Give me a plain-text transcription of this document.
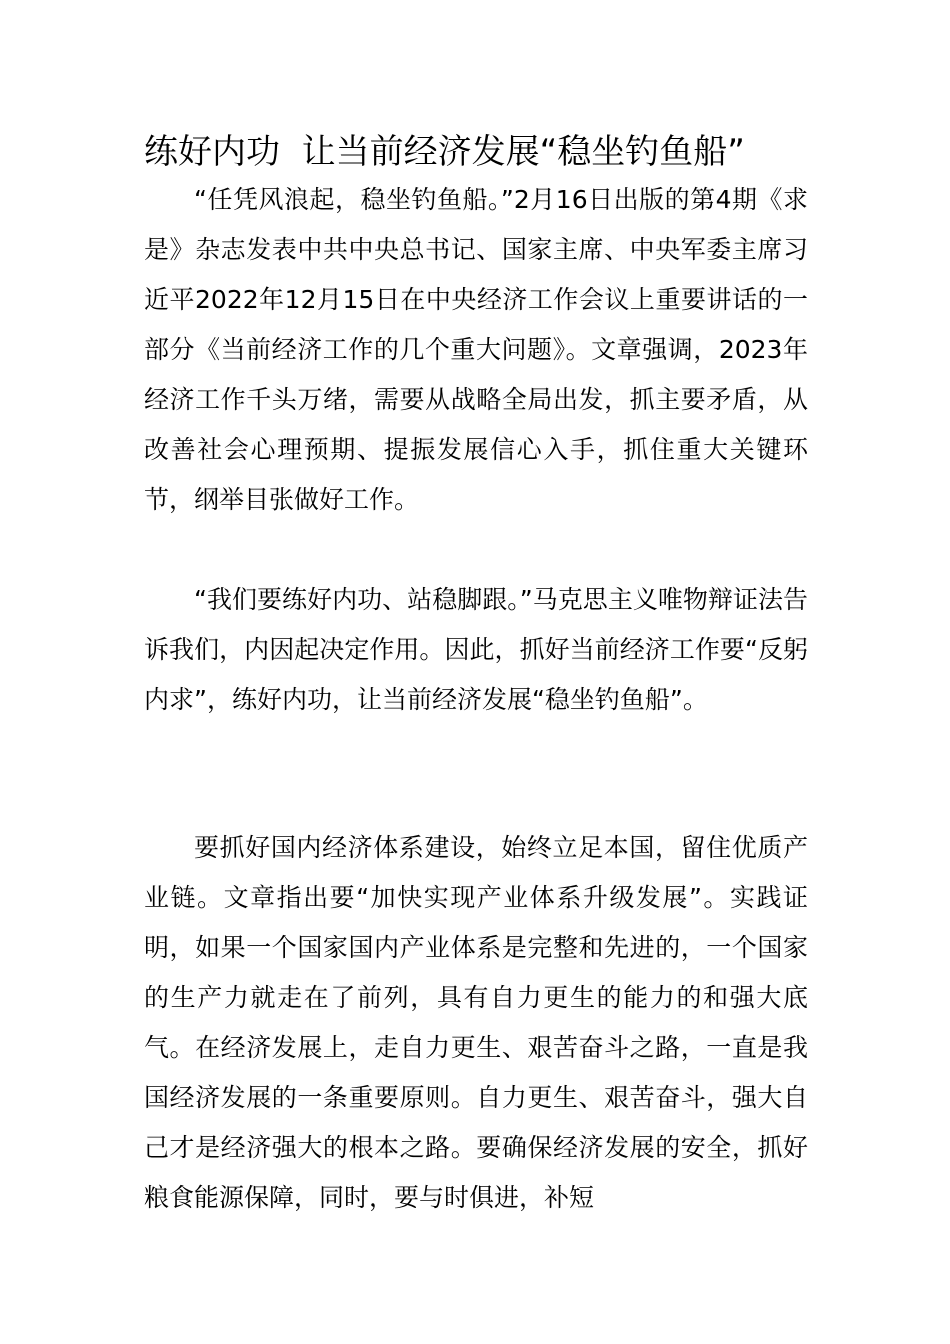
练好内功  让当前经济发展“稳坐钓鱼船”

“任凭风浪起，稳坐钓鱼船。”2月16日出版的第4期《求是》杂志发表中共中央总书记、国家主席、中央军委主席习近平2022年12月15日在中央经济工作会议上重要讲话的一部分《当前经济工作的几个重大问题》。文章强调，2023年经济工作千头万绪，需要从战略全局出发，抓主要矛盾，从改善社会心理预期、提振发展信心入手，抓住重大关键环节，纲举目张做好工作。

“我们要练好内功、站稳脚跟。”马克思主义唯物辩证法告诉我们，内因起决定作用。因此，抓好当前经济工作要“反躬内求”，练好内功，让当前经济发展“稳坐钓鱼船”。

要抓好国内经济体系建设，始终立足本国，留住优质产业链。文章指出要“加快实现产业体系升级发展”。实践证明，如果一个国家国内产业体系是完整和先进的，一个国家的生产力就走在了前列，具有自力更生的能力的和强大底气。在经济发展上，走自力更生、艰苦奋斗之路，一直是我国经济发展的一条重要原则。自力更生、艰苦奋斗，强大自己才是经济强大的根本之路。要确保经济发展的安全，抓好粮食能源保障，同时，要与时俱进，补短
